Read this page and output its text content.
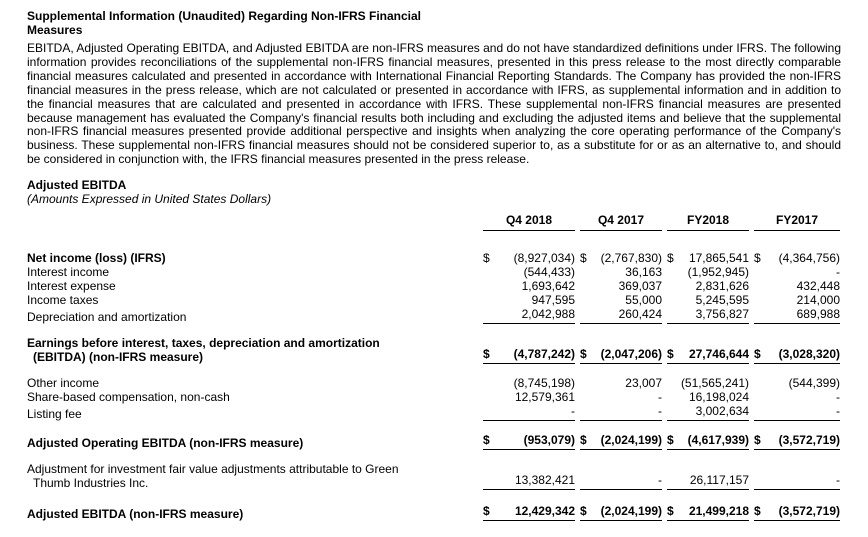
Supplemental Information (Unaudited) Regarding Non-IFRS Financial
Measures

EBITDA, Adjusted Operating EBITDA, and Adjusted EBITDA are non-IFRS measures and do not have standardized definitions under IFRS. The following information provides reconciliations of the supplemental non-IFRS financial measures, presented in this press release to the most directly comparable financial measures calculated and presented in accordance with International Financial Reporting Standards. The Company has provided the non-IFRS financial measures in the press release, which are not calculated or presented in accordance with IFRS, as supplemental information and in addition to the financial measures that are calculated and presented in accordance with IFRS. These supplemental non-IFRS financial measures are presented because management has evaluated the Company's financial results both including and excluding the adjusted items and believe that the supplemental non-IFRS financial measures presented provide additional perspective and insights when analyzing the core operating performance of the Company's business. These supplemental non-IFRS financial measures should not be considered superior to, as a substitute for or as an alternative to, and should be considered in conjunction with, the IFRS financial measures presented in the press release.

Adjusted EBITDA
(Amounts Expressed in United States Dollars)
Q4 2018	Q4 2017	FY2018	FY2017
Net income (loss) (IFRS)	$ (8,927,034) $ (2,767,830) $ 17,865,541 $ (4,364,756)
Interest income	(544,433)	36,163 (1,952,945)	-
Interest expense	1,693,642	369,037	2,831,626	432,448
Income taxes	947,595	55,000	5,245,595	214,000
Depreciation and amortization	2,042,988	260,424	3,756,827	689,988
Earnings before interest, taxes, depreciation and amortization
(EBITDA) (non-IFRS measure)	$ (4,787,242) $ (2,047,206) $ 27,746,644 $ (3,028,320)
Other income	(8,745,198)	23,007 (51,565,241)	(544,399)
Share-based compensation, non-cash	12,579,361	- 16,198,024	-
Listing fee	-	-	3,002,634	-
Adjusted Operating EBITDA (non-IFRS measure)	$	(953,079) $ (2,024,199) $ (4,617,939) $ (3,572,719)
Adjustment for investment fair value adjustments attributable to Green
Thumb Industries Inc.	13,382,421	- 26,117,157	-
Adjusted EBITDA (non-IFRS measure)	$ 12,429,342 $ (2,024,199) $ 21,499,218 $ (3,572,719)
